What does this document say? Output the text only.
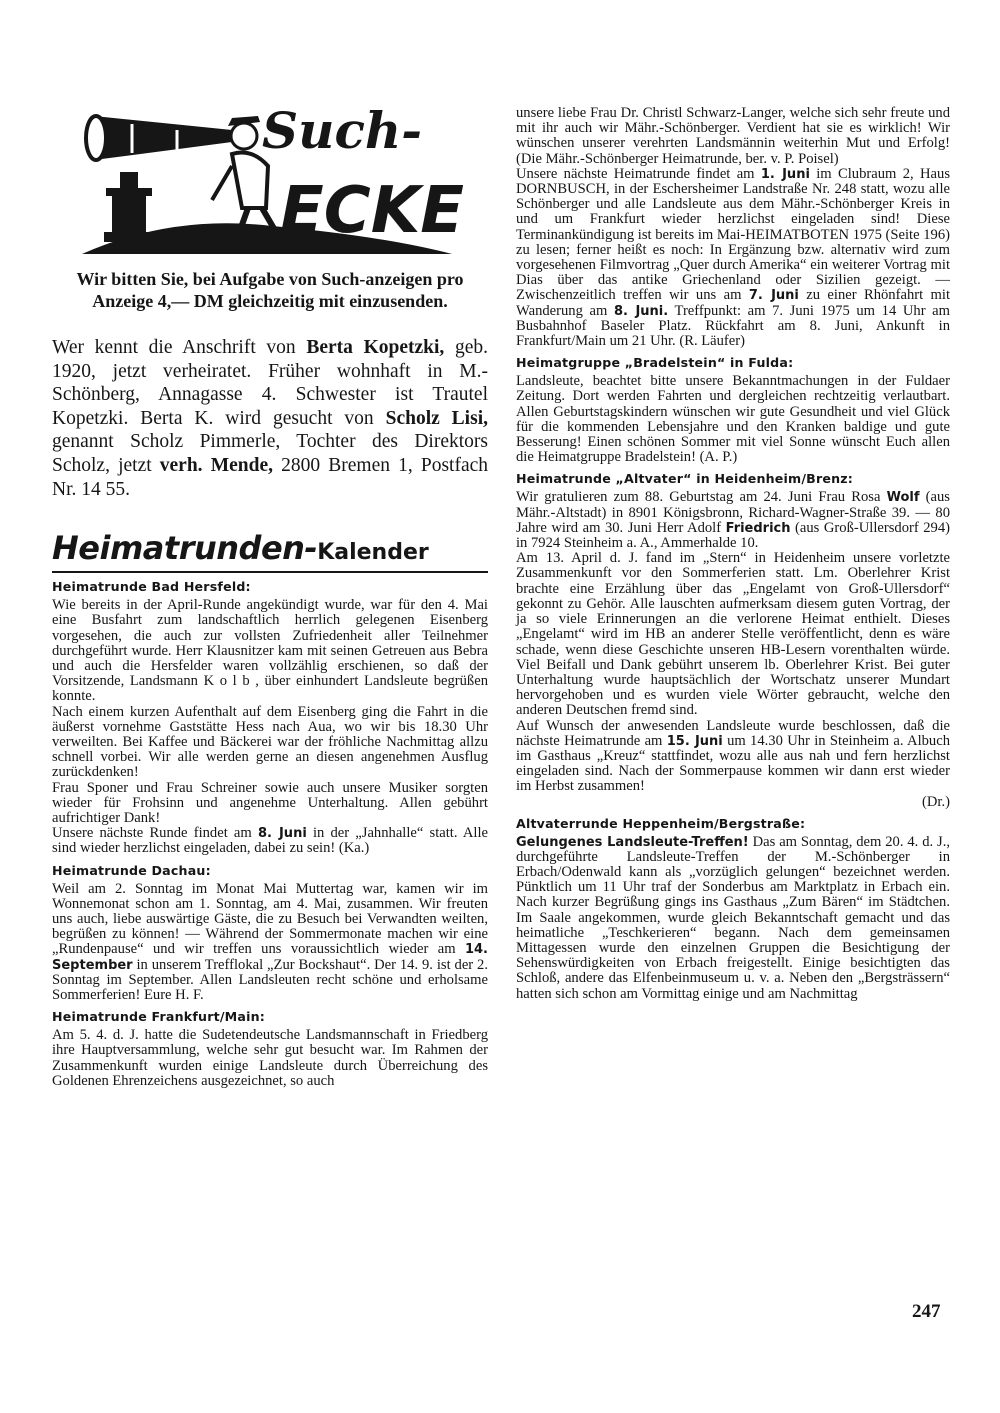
Such-
ECKE

Wir bitten Sie, bei Aufgabe von Such-anzeigen pro Anzeige 4,— DM gleichzeitig mit einzusenden.

Wer kennt die Anschrift von Berta Kopetzki, geb. 1920, jetzt verheiratet. Früher wohnhaft in M.-Schönberg, Annagasse 4. Schwester ist Trautel Kopetzki. Berta K. wird gesucht von Scholz Lisi, genannt Scholz Pimmerle, Tochter des Direktors Scholz, jetzt verh. Mende, 2800 Bremen 1, Postfach Nr. 14 55.

Heimatrunden-Kalender
Heimatrunde Bad Hersfeld:

Wie bereits in der April-Runde angekündigt wurde, war für den 4. Mai eine Busfahrt zum landschaftlich herrlich gelegenen Eisenberg vorgesehen, die auch zur vollsten Zufriedenheit aller Teilnehmer durchgeführt wurde. Herr Klausnitzer kam mit seinen Getreuen aus Bebra und auch die Hersfelder waren vollzählig erschienen, so daß der Vorsitzende, Landsmann K o l b , über einhundert Landsleute begrüßen konnte.

Nach einem kurzen Aufenthalt auf dem Eisenberg ging die Fahrt in die äußerst vornehme Gaststätte Hess nach Aua, wo wir bis 18.30 Uhr verweilten. Bei Kaffee und Bäckerei war der fröhliche Nachmittag allzu schnell vorbei. Wir alle werden gerne an diesen angenehmen Ausflug zurückdenken!

Frau Sponer und Frau Schreiner sowie auch unsere Musiker sorgten wieder für Frohsinn und angenehme Unterhaltung. Allen gebührt aufrichtiger Dank!

Unsere nächste Runde findet am 8. Juni in der „Jahnhalle“ statt. Alle sind wieder herzlichst eingeladen, dabei zu sein! (Ka.)

Heimatrunde Dachau:

Weil am 2. Sonntag im Monat Mai Muttertag war, kamen wir im Wonnemonat schon am 1. Sonntag, am 4. Mai, zusammen. Wir freuten uns auch, liebe auswärtige Gäste, die zu Besuch bei Verwandten weilten, begrüßen zu können! — Während der Sommermonate machen wir eine „Rundenpause“ und wir treffen uns voraussichtlich wieder am 14. September in unserem Trefflokal „Zur Bockshaut“. Der 14. 9. ist der 2. Sonntag im September. Allen Landsleuten recht schöne und erholsame Sommerferien! Eure H. F.

Heimatrunde Frankfurt/Main:

Am 5. 4. d. J. hatte die Sudetendeutsche Landsmannschaft in Friedberg ihre Hauptversammlung, welche sehr gut besucht war. Im Rahmen der Zusammenkunft wurden einige Landsleute durch Überreichung des Goldenen Ehrenzeichens ausgezeichnet, so auch

unsere liebe Frau Dr. Christl Schwarz-Langer, welche sich sehr freute und mit ihr auch wir Mähr.-Schönberger. Verdient hat sie es wirklich! Wir wünschen unserer verehrten Landsmännin weiterhin Mut und Erfolg! (Die Mähr.-Schönberger Heimatrunde, ber. v. P. Poisel)

Unsere nächste Heimatrunde findet am 1. Juni im Clubraum 2, Haus DORNBUSCH, in der Eschersheimer Landstraße Nr. 248 statt, wozu alle Schönberger und alle Landsleute aus dem Mähr.-Schönberger Kreis in und um Frankfurt wieder herzlichst eingeladen sind! Diese Terminankündigung ist bereits im Mai-HEIMATBOTEN 1975 (Seite 196) zu lesen; ferner heißt es noch: In Ergänzung bzw. alternativ wird zum vorgesehenen Filmvortrag „Quer durch Amerika“ ein weiterer Vortrag mit Dias über das antike Griechenland oder Sizilien gezeigt. — Zwischenzeitlich treffen wir uns am 7. Juni zu einer Rhönfahrt mit Wanderung am 8. Juni. Treffpunkt: am 7. Juni 1975 um 14 Uhr am Busbahnhof Baseler Platz. Rückfahrt am 8. Juni, Ankunft in Frankfurt/Main um 21 Uhr. (R. Läufer)

Heimatgruppe „Bradelstein“ in Fulda:

Landsleute, beachtet bitte unsere Bekanntmachungen in der Fuldaer Zeitung. Dort werden Fahrten und dergleichen rechtzeitig verlautbart. Allen Geburtstagskindern wünschen wir gute Gesundheit und viel Glück für die kommenden Lebensjahre und den Kranken baldige und gute Besserung! Einen schönen Sommer mit viel Sonne wünscht Euch allen die Heimatgruppe Bradelstein! (A. P.)

Heimatrunde „Altvater“ in Heidenheim/Brenz:

Wir gratulieren zum 88. Geburtstag am 24. Juni Frau Rosa Wolf (aus Mähr.-Altstadt) in 8901 Königsbronn, Richard-Wagner-Straße 39. — 80 Jahre wird am 30. Juni Herr Adolf Friedrich (aus Groß-Ullersdorf 294) in 7924 Steinheim a. A., Ammerhalde 10.

Am 13. April d. J. fand im „Stern“ in Heidenheim unsere vorletzte Zusammenkunft vor den Sommerferien statt. Lm. Oberlehrer Krist brachte eine Erzählung über das „Engelamt von Groß-Ullersdorf“ gekonnt zu Gehör. Alle lauschten aufmerksam diesem guten Vortrag, der ja so viele Erinnerungen an die verlorene Heimat enthielt. Dieses „Engelamt“ wird im HB an anderer Stelle veröffentlicht, denn es wäre schade, wenn diese Geschichte unseren HB-Lesern vorenthalten würde. Viel Beifall und Dank gebührt unserem lb. Oberlehrer Krist. Bei guter Unterhaltung wurde hauptsächlich der Wortschatz unserer Mundart hervorgehoben und es wurden viele Wörter gebraucht, welche den anderen Deutschen fremd sind.

Auf Wunsch der anwesenden Landsleute wurde beschlossen, daß die nächste Heimatrunde am 15. Juni um 14.30 Uhr in Steinheim a. Albuch im Gasthaus „Kreuz“ stattfindet, wozu alle aus nah und fern herzlichst eingeladen sind. Nach der Sommerpause kommen wir dann erst wieder im Herbst zusammen!

(Dr.)

Altvaterrunde Heppenheim/Bergstraße:

Gelungenes Landsleute-Treffen! Das am Sonntag, dem 20. 4. d. J., durchgeführte Landsleute-Treffen der M.-Schönberger in Erbach/Odenwald kann als „vorzüglich gelungen“ bezeichnet werden. Pünktlich um 11 Uhr traf der Sonderbus am Marktplatz in Erbach ein. Nach kurzer Begrüßung gings ins Gasthaus „Zum Bären“ im Städtchen. Im Saale angekommen, wurde gleich Bekanntschaft gemacht und das heimatliche „Teschkerieren“ begann. Nach dem gemeinsamen Mittagessen wurde den einzelnen Gruppen die Besichtigung der Sehenswürdigkeiten von Erbach freigestellt. Einige besichtigten das Schloß, andere das Elfenbeinmuseum u. v. a. Neben den „Bergsträssern“ hatten sich schon am Vormittag einige und am Nachmittag

247
